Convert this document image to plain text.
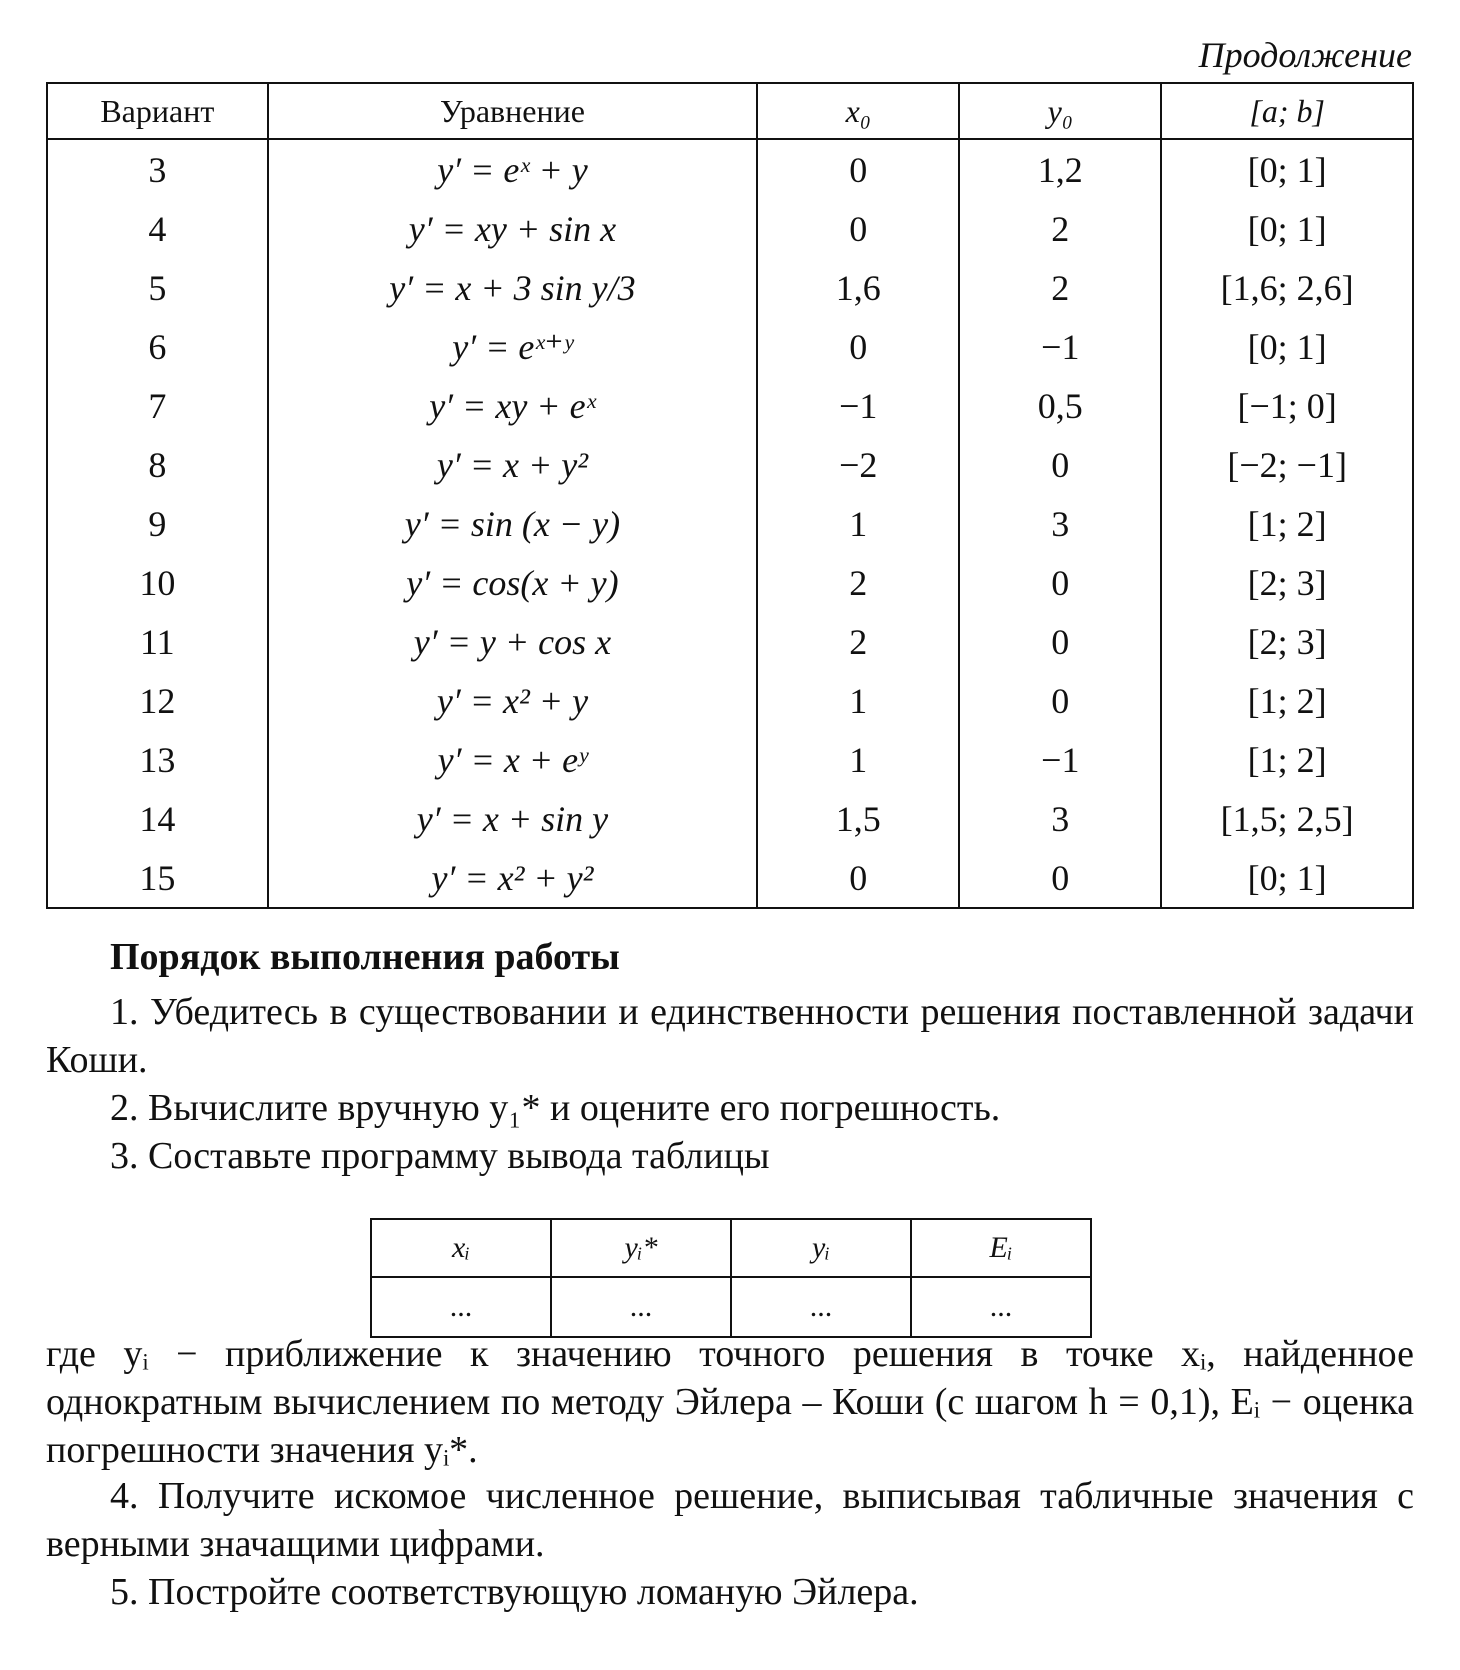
Продолжение
Вариант	Уравнение	x₀	y₀	[a; b]
3	y′ = eˣ + y	0	1,2	[0; 1]
4	y′ = xy + sin x	0	2	[0; 1]
5	y′ = x + 3 sin y/3	1,6	2	[1,6; 2,6]
6	y′ = eˣ⁺ʸ	0	−1	[0; 1]
7	y′ = xy + eˣ	−1	0,5	[−1; 0]
8	y′ = x + y²	−2	0	[−2; −1]
9	y′ = sin (x − y)	1	3	[1; 2]
10	y′ = cos(x + y)	2	0	[2; 3]
11	y′ = y + cos x	2	0	[2; 3]
12	y′ = x² + y	1	0	[1; 2]
13	y′ = x + eʸ	1	−1	[1; 2]
14	y′ = x + sin y	1,5	3	[1,5; 2,5]
15	y′ = x² + y²	0	0	[0; 1]
Порядок выполнения работы
1. Убедитесь в существовании и единственности решения поставленной задачи Коши.
2. Вычислите вручную y₁* и оцените его погрешность.
3. Составьте программу вывода таблицы
xᵢ	yᵢ*	yᵢ	Eᵢ
...	...	...	...
где yᵢ − приближение к значению точного решения в точке xᵢ, найденное однократным вычислением по методу Эйлера – Коши (с шагом h = 0,1), Eᵢ − оценка погрешности значения yᵢ*.
4. Получите искомое численное решение, выписывая табличные значения с верными значащими цифрами.
5. Постройте соответствующую ломаную Эйлера.
